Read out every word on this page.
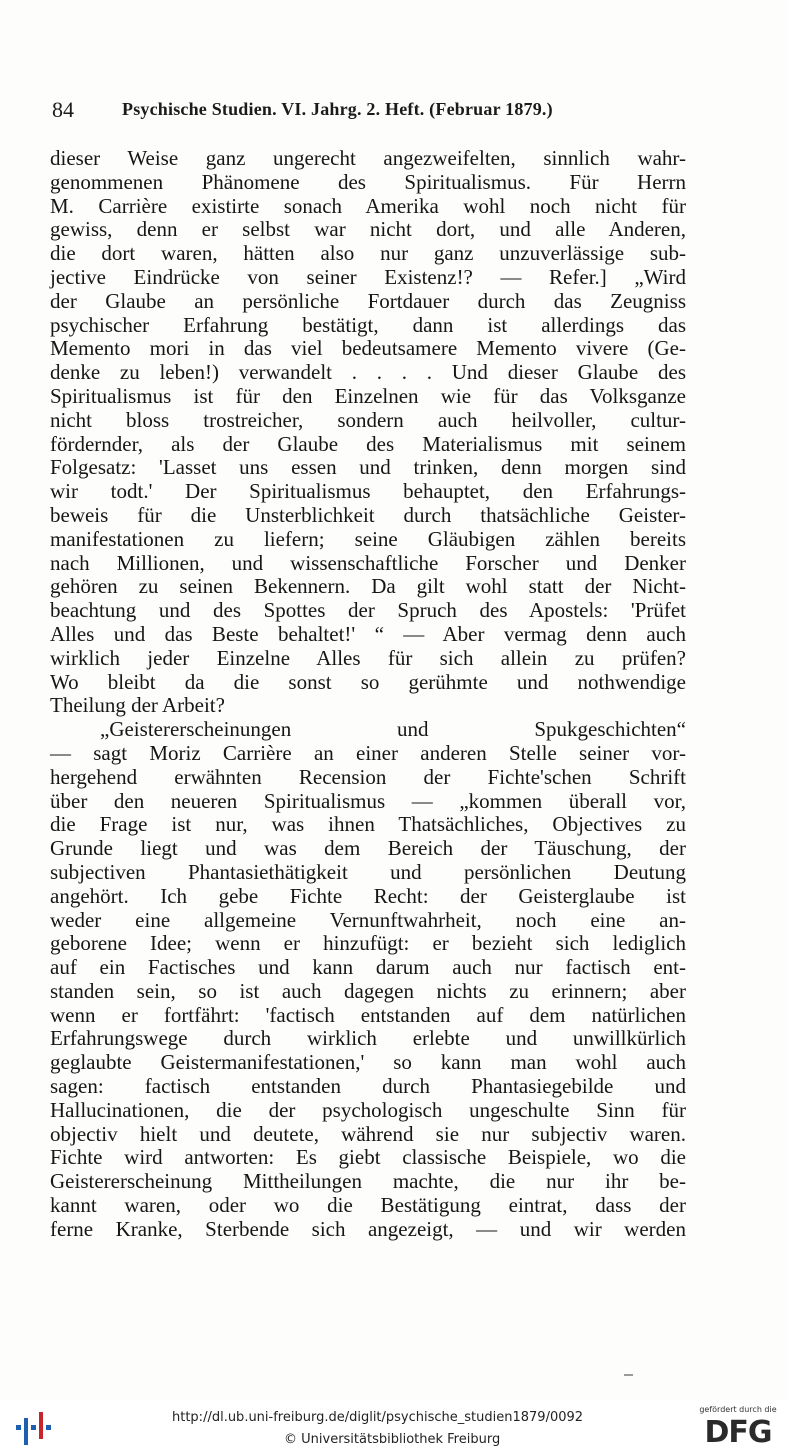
84	Psychische Studien. VI. Jahrg. 2. Heft. (Februar 1879.)
dieser Weise ganz ungerecht angezweifelten, sinnlich wahr-
genommenen Phänomene des Spiritualismus. Für Herrn
M. Carrière existirte sonach Amerika wohl noch nicht für
gewiss, denn er selbst war nicht dort, und alle Anderen,
die dort waren, hätten also nur ganz unzuverlässige sub-
jective Eindrücke von seiner Existenz!? — Refer.] „Wird
der Glaube an persönliche Fortdauer durch das Zeugniss
psychischer Erfahrung bestätigt, dann ist allerdings das
Memento mori in das viel bedeutsamere Memento vivere (Ge-
denke zu leben!) verwandelt . . . . Und dieser Glaube des
Spiritualismus ist für den Einzelnen wie für das Volksganze
nicht bloss trostreicher, sondern auch heilvoller, cultur-
fördernder, als der Glaube des Materialismus mit seinem
Folgesatz: 'Lasset uns essen und trinken, denn morgen sind
wir todt.' Der Spiritualismus behauptet, den Erfahrungs-
beweis für die Unsterblichkeit durch thatsächliche Geister-
manifestationen zu liefern; seine Gläubigen zählen bereits
nach Millionen, und wissenschaftliche Forscher und Denker
gehören zu seinen Bekennern. Da gilt wohl statt der Nicht-
beachtung und des Spottes der Spruch des Apostels: 'Prüfet
Alles und das Beste behaltet!' “ — Aber vermag denn auch
wirklich jeder Einzelne Alles für sich allein zu prüfen?
Wo bleibt da die sonst so gerühmte und nothwendige
Theilung der Arbeit?
„Geistererscheinungen und Spukgeschichten“
— sagt Moriz Carrière an einer anderen Stelle seiner vor-
hergehend erwähnten Recension der Fichte'schen Schrift
über den neueren Spiritualismus — „kommen überall vor,
die Frage ist nur, was ihnen Thatsächliches, Objectives zu
Grunde liegt und was dem Bereich der Täuschung, der
subjectiven Phantasiethätigkeit und persönlichen Deutung
angehört. Ich gebe Fichte Recht: der Geisterglaube ist
weder eine allgemeine Vernunftwahrheit, noch eine an-
geborene Idee; wenn er hinzufügt: er bezieht sich lediglich
auf ein Factisches und kann darum auch nur factisch ent-
standen sein, so ist auch dagegen nichts zu erinnern; aber
wenn er fortfährt: 'factisch entstanden auf dem natürlichen
Erfahrungswege durch wirklich erlebte und unwillkürlich
geglaubte Geistermanifestationen,' so kann man wohl auch
sagen: factisch entstanden durch Phantasiegebilde und
Hallucinationen, die der psychologisch ungeschulte Sinn für
objectiv hielt und deutete, während sie nur subjectiv waren.
Fichte wird antworten: Es giebt classische Beispiele, wo die
Geistererscheinung Mittheilungen machte, die nur ihr be-
kannt waren, oder wo die Bestätigung eintrat, dass der
ferne Kranke, Sterbende sich angezeigt, — und wir werden
http://dl.ub.uni-freiburg.de/diglit/psychische_studien1879/0092
© Universitätsbibliothek Freiburg
gefördert durch die
DFG
